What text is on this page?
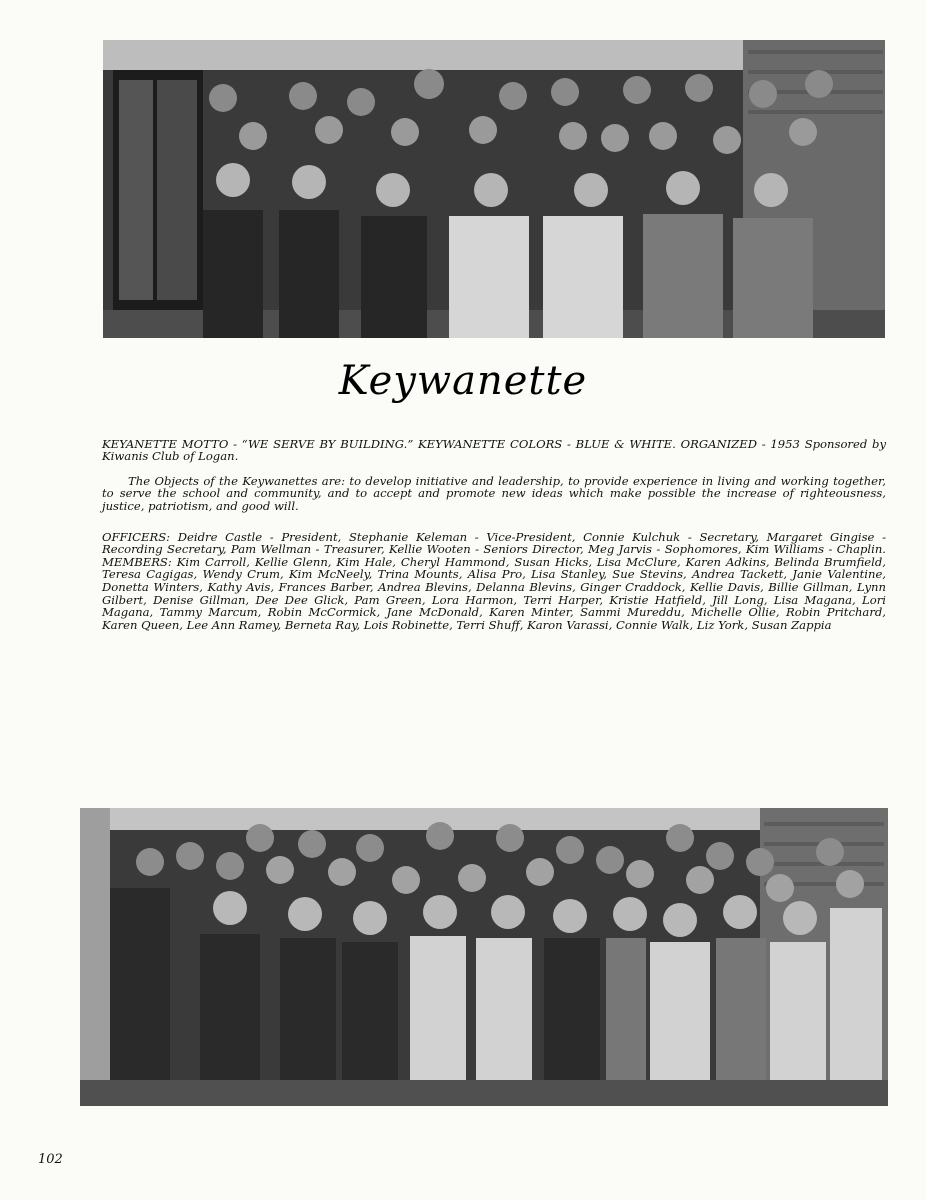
Keywanette

KEYANETTE MOTTO - “WE SERVE BY BUILDING.” KEYWANETTE COLORS - BLUE & WHITE. ORGANIZED - 1953 Sponsored by Kiwanis Club of Logan.

The Objects of the Keywanettes are: to develop initiative and leadership, to provide experience in living and working together, to serve the school and community, and to accept and promote new ideas which make possible the increase of righteousness, justice, patriotism, and good will.

OFFICERS: Deidre Castle - President, Stephanie Keleman - Vice-President, Connie Kulchuk - Secretary, Margaret Gingise - Recording Secretary, Pam Wellman - Treasurer, Kellie Wooten - Seniors Director, Meg Jarvis - Sophomores, Kim Williams - Chaplin. MEMBERS: Kim Carroll, Kellie Glenn, Kim Hale, Cheryl Hammond, Susan Hicks, Lisa McClure, Karen Adkins, Belinda Brumfield, Teresa Cagigas, Wendy Crum, Kim McNeely, Trina Mounts, Alisa Pro, Lisa Stanley, Sue Stevins, Andrea Tackett, Janie Valentine, Donetta Winters, Kathy Avis, Frances Barber, Andrea Blevins, Delanna Blevins, Ginger Craddock, Kellie Davis, Billie Gillman, Lynn Gilbert, Denise Gillman, Dee Dee Glick, Pam Green, Lora Harmon, Terri Harper, Kristie Hatfield, Jill Long, Lisa Magana, Lori Magana, Tammy Marcum, Robin McCormick, Jane McDonald, Karen Minter, Sammi Mureddu, Michelle Ollie, Robin Pritchard, Karen Queen, Lee Ann Ramey, Berneta Ray, Lois Robinette, Terri Shuff, Karon Varassi, Connie Walk, Liz York, Susan Zappia

102
